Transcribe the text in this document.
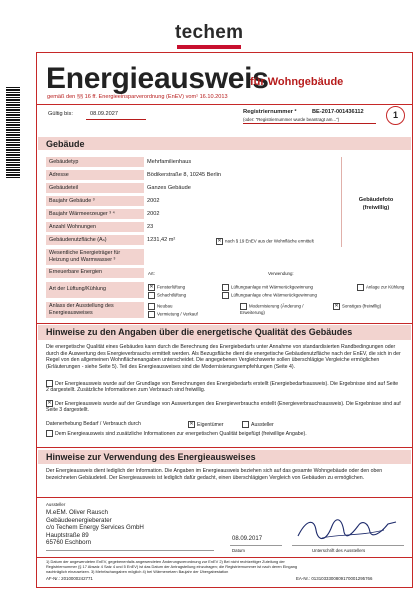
techem
Energieausweis
für Wohngebäude
gemäß den §§ 16 ff. Energieeinsparverordnung (EnEV) vom¹ 16.10.2013
Gültig bis:	08.09.2027	Registriernummer ²	BE-2017-001436112
(oder: "Registriernummer wurde beantragt am...")	1
Gebäude
Gebäudetyp	Mehrfamilienhaus
Adresse	Bödikerstraße 8, 10245 Berlin
Gebäudeteil	Ganzes Gebäude
Baujahr Gebäude ³	2002
Baujahr Wärmeerzeuger ³ ⁴	2002
Anzahl Wohnungen	23
Gebäudenutzfläche (Aₙ)	1231,42 m²	✕ nach § 19 EnEV aus der Wohnfläche ermittelt
Gebäudefoto (freiwillig)
Wesentliche Energieträger für Heizung und Warmwasser ³
Erneuerbare Energien	Art:	Verwendung:
Art der Lüftung/Kühlung	✕ Fensterlüftung
Schachtlüftung
Lüftungsanlage mit Wärmerückgewinnung
Lüftungsanlage ohne Wärmerückgewinnung
Anlage zur Kühlung
Anlass der Ausstellung des Energieausweises
Neubau
Vermietung / Verkauf
Modernisierung (Änderung / Erweiterung)
✕ Sonstiges (freiwillig)
Hinweise zu den Angaben über die energetische Qualität des Gebäudes
Die energetische Qualität eines Gebäudes kann durch die Berechnung des Energiebedarfs unter Annahme von standardisierten Randbedingungen oder durch die Auswertung des Energieverbrauchs ermittelt werden. Als Bezugsfläche dient die energetische Gebäudenutzfläche nach der EnEV, die sich in der Regel von den allgemeinen Wohnflächenangaben unterscheidet. Die angegebenen Vergleichswerte sollen überschlägige Vergleiche ermöglichen (Erläuterungen - siehe Seite 5). Teil des Energieausweises sind die Modernisierungsempfehlungen (Seite 4).
Der Energieausweis wurde auf der Grundlage von Berechnungen des Energiebedarfs erstellt (Energiebedarfsausweis). Die Ergebnisse sind auf Seite 2 dargestellt. Zusätzliche Informationen zum Verbrauch sind freiwillig.
✕ Der Energieausweis wurde auf der Grundlage von Auswertungen des Energieverbrauchs erstellt (Energieverbrauchsausweis). Die Ergebnisse sind auf Seite 3 dargestellt.
Datenerhebung Bedarf / Verbrauch durch	✕ Eigentümer	Aussteller
Dem Energieausweis sind zusätzliche Informationen zur energetischen Qualität beigefügt (freiwillige Angabe).
Hinweise zur Verwendung des Energieausweises
Der Energieausweis dient lediglich der Information. Die Angaben im Energieausweis beziehen sich auf das gesamte Wohngebäude oder den oben bezeichneten Gebäudeteil. Der Energieausweis ist lediglich dafür gedacht, einen überschlägigen Vergleich von Gebäuden zu ermöglichen.
Aussteller
M.eEM. Oliver Rausch
Gebäudeenergieberater
c/o Techem Energy Services GmbH
Hauptstraße 89
65760 Eschborn
08.09.2017
Datum	Unterschrift des Ausstellers
1) Datum der angewendeten EnEV, gegebenenfalls angewendeten Änderungsverordnung zur EnEV 2) Bei nicht rechtzeitiger Zuteilung der
Registriernummer (§ 17 Absatz 4 Satz 4 und 5 EnEV) ist das Datum der Antragstellung einzutragen; die Registriernummer ist nach deren Eingang
nachträglich einzusetzen. 3) Mehrfachangaben möglich 4) bei Wärmenetzen Baujahr der Übergabestation
AF-Nr.: 2010000242771	EA-Nr.: 0131033300809170001295766
